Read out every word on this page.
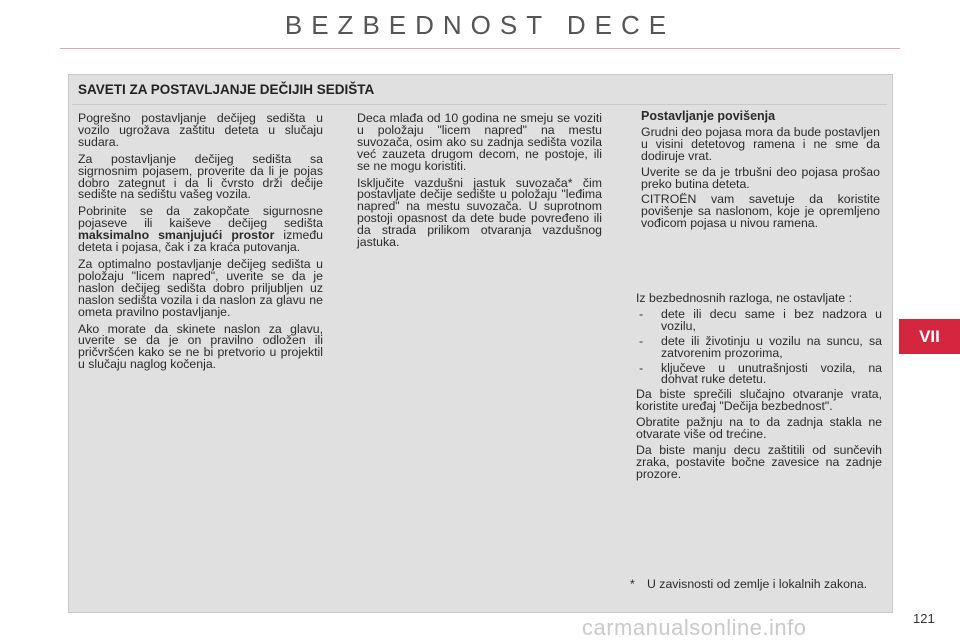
BEZBEDNOST DECE
SAVETI ZA POSTAVLJANJE DEČIJIH SEDIŠTA

Pogrešno postavljanje dečijeg sedišta u vozilo ugrožava zaštitu deteta u slučaju sudara.

Za postavljanje dečijeg sedišta sa sigrnosnim pojasem, proverite da li je pojas dobro zategnut i da li čvrsto drži dečije sedište na sedištu vašeg vozila.

Pobrinite se da zakopčate sigurnosne pojaseve ili kaiševe dečijeg sedišta maksimalno smanjujući prostor između deteta i pojasa, čak i za kraća putovanja.

Za optimalno postavljanje dečijeg sedišta u položaju "licem napred", uverite se da je naslon dečijeg sedišta dobro priljubljen uz naslon sedišta vozila i da naslon za glavu ne ometa pravilno postavljanje.

Ako morate da skinete naslon za glavu, uverite se da je on pravilno odložen ili pričvršćen kako se ne bi pretvorio u projektil u slučaju naglog kočenja.

Deca mlađa od 10 godina ne smeju se voziti u položaju "licem napred" na mestu suvozača, osim ako su zadnja sedišta vozila već zauzeta drugom decom, ne postoje, ili se ne mogu koristiti.

Isključite vazdušni jastuk suvozača* čim postavljate dečije sedište u položaju "leđima napred" na mestu suvozača. U suprotnom postoji opasnost da dete bude povređeno ili da strada prilikom otvaranja vazdušnog jastuka.

Postavljanje povišenja

Grudni deo pojasa mora da bude postavljen u visini detetovog ramena i ne sme da dodiruje vrat.

Uverite se da je trbušni deo pojasa prošao preko butina deteta.

CITROËN vam savetuje da koristite povišenje sa naslonom, koje je opremljeno vođicom pojasa u nivou ramena.

Iz bezbednosnih razloga, ne ostavljate :

- dete ili decu same i bez nadzora u vozilu,

- dete ili životinju u vozilu na suncu, sa zatvorenim prozorima,

- ključeve u unutrašnjosti vozila, na dohvat ruke detetu.

Da biste sprečili slučajno otvaranje vrata, koristite uređaj "Dečija bezbednost".

Obratite pažnju na to da zadnja stakla ne otvarate više od trećine.

Da biste manju decu zaštitili od sunčevih zraka, postavite bočne zavesice na zadnje prozore.

* U zavisnosti od zemlje i lokalnih zakona.
VII
carmanualsonline.info	121
